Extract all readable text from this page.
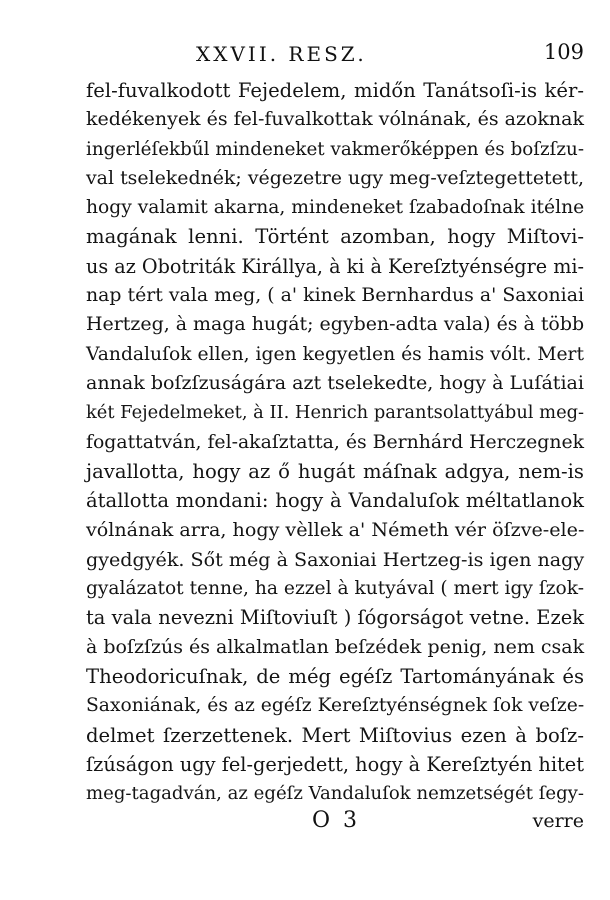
XXVII. RESZ.	109
fel-fuvalkodott Fejedelem, midőn Tanátsoſi-is kér-
kedékenyek és fel-fuvalkottak vólnának, és azoknak
ingerléſekbűl mindeneket vakmerőképpen és boſzſzu-
val tselekednék; végezetre ugy meg-veſztegettetett,
hogy valamit akarna, mindeneket ſzabadoſnak itélne
magának lenni. Történt azomban, hogy Miſtovi-
us az Obotriták Királlya, à ki à Kereſztyénségre mi-
nap tért vala meg, ( a' kinek Bernhardus a' Saxoniai
Hertzeg, à maga hugát; egyben-adta vala) és à több
Vandaluſok ellen, igen kegyetlen és hamis vólt. Mert
annak boſzſzuságára azt tselekedte, hogy à Luſátiai
két Fejedelmeket, à II. Henrich parantsolattyábul meg-
fogattatván, fel-akaſztatta, és Bernhárd Herczegnek
javallotta, hogy az ő hugát máſnak adgya, nem-is
átallotta mondani: hogy à Vandaluſok méltatlanok
vólnának arra, hogy vèllek a' Németh vér öſzve-ele-
gyedgyék. Sőt még à Saxoniai Hertzeg-is igen nagy
gyalázatot tenne, ha ezzel à kutyával ( mert igy ſzok-
ta vala nevezni Miſtoviuſt ) ſógorságot vetne. Ezek
à boſzſzús és alkalmatlan beſzédek penig, nem csak
Theodoricuſnak, de még egéſz Tartományának és
Saxoniának, és az egéſz Kereſztyénségnek ſok veſze-
delmet ſzerzettenek. Mert Miſtovius ezen à boſz-
ſzúságon ugy fel-gerjedett, hogy à Kereſztyén hitet
meg-tagadván, az egéſz Vandaluſok nemzetségét ſegy-
O 3	verre
